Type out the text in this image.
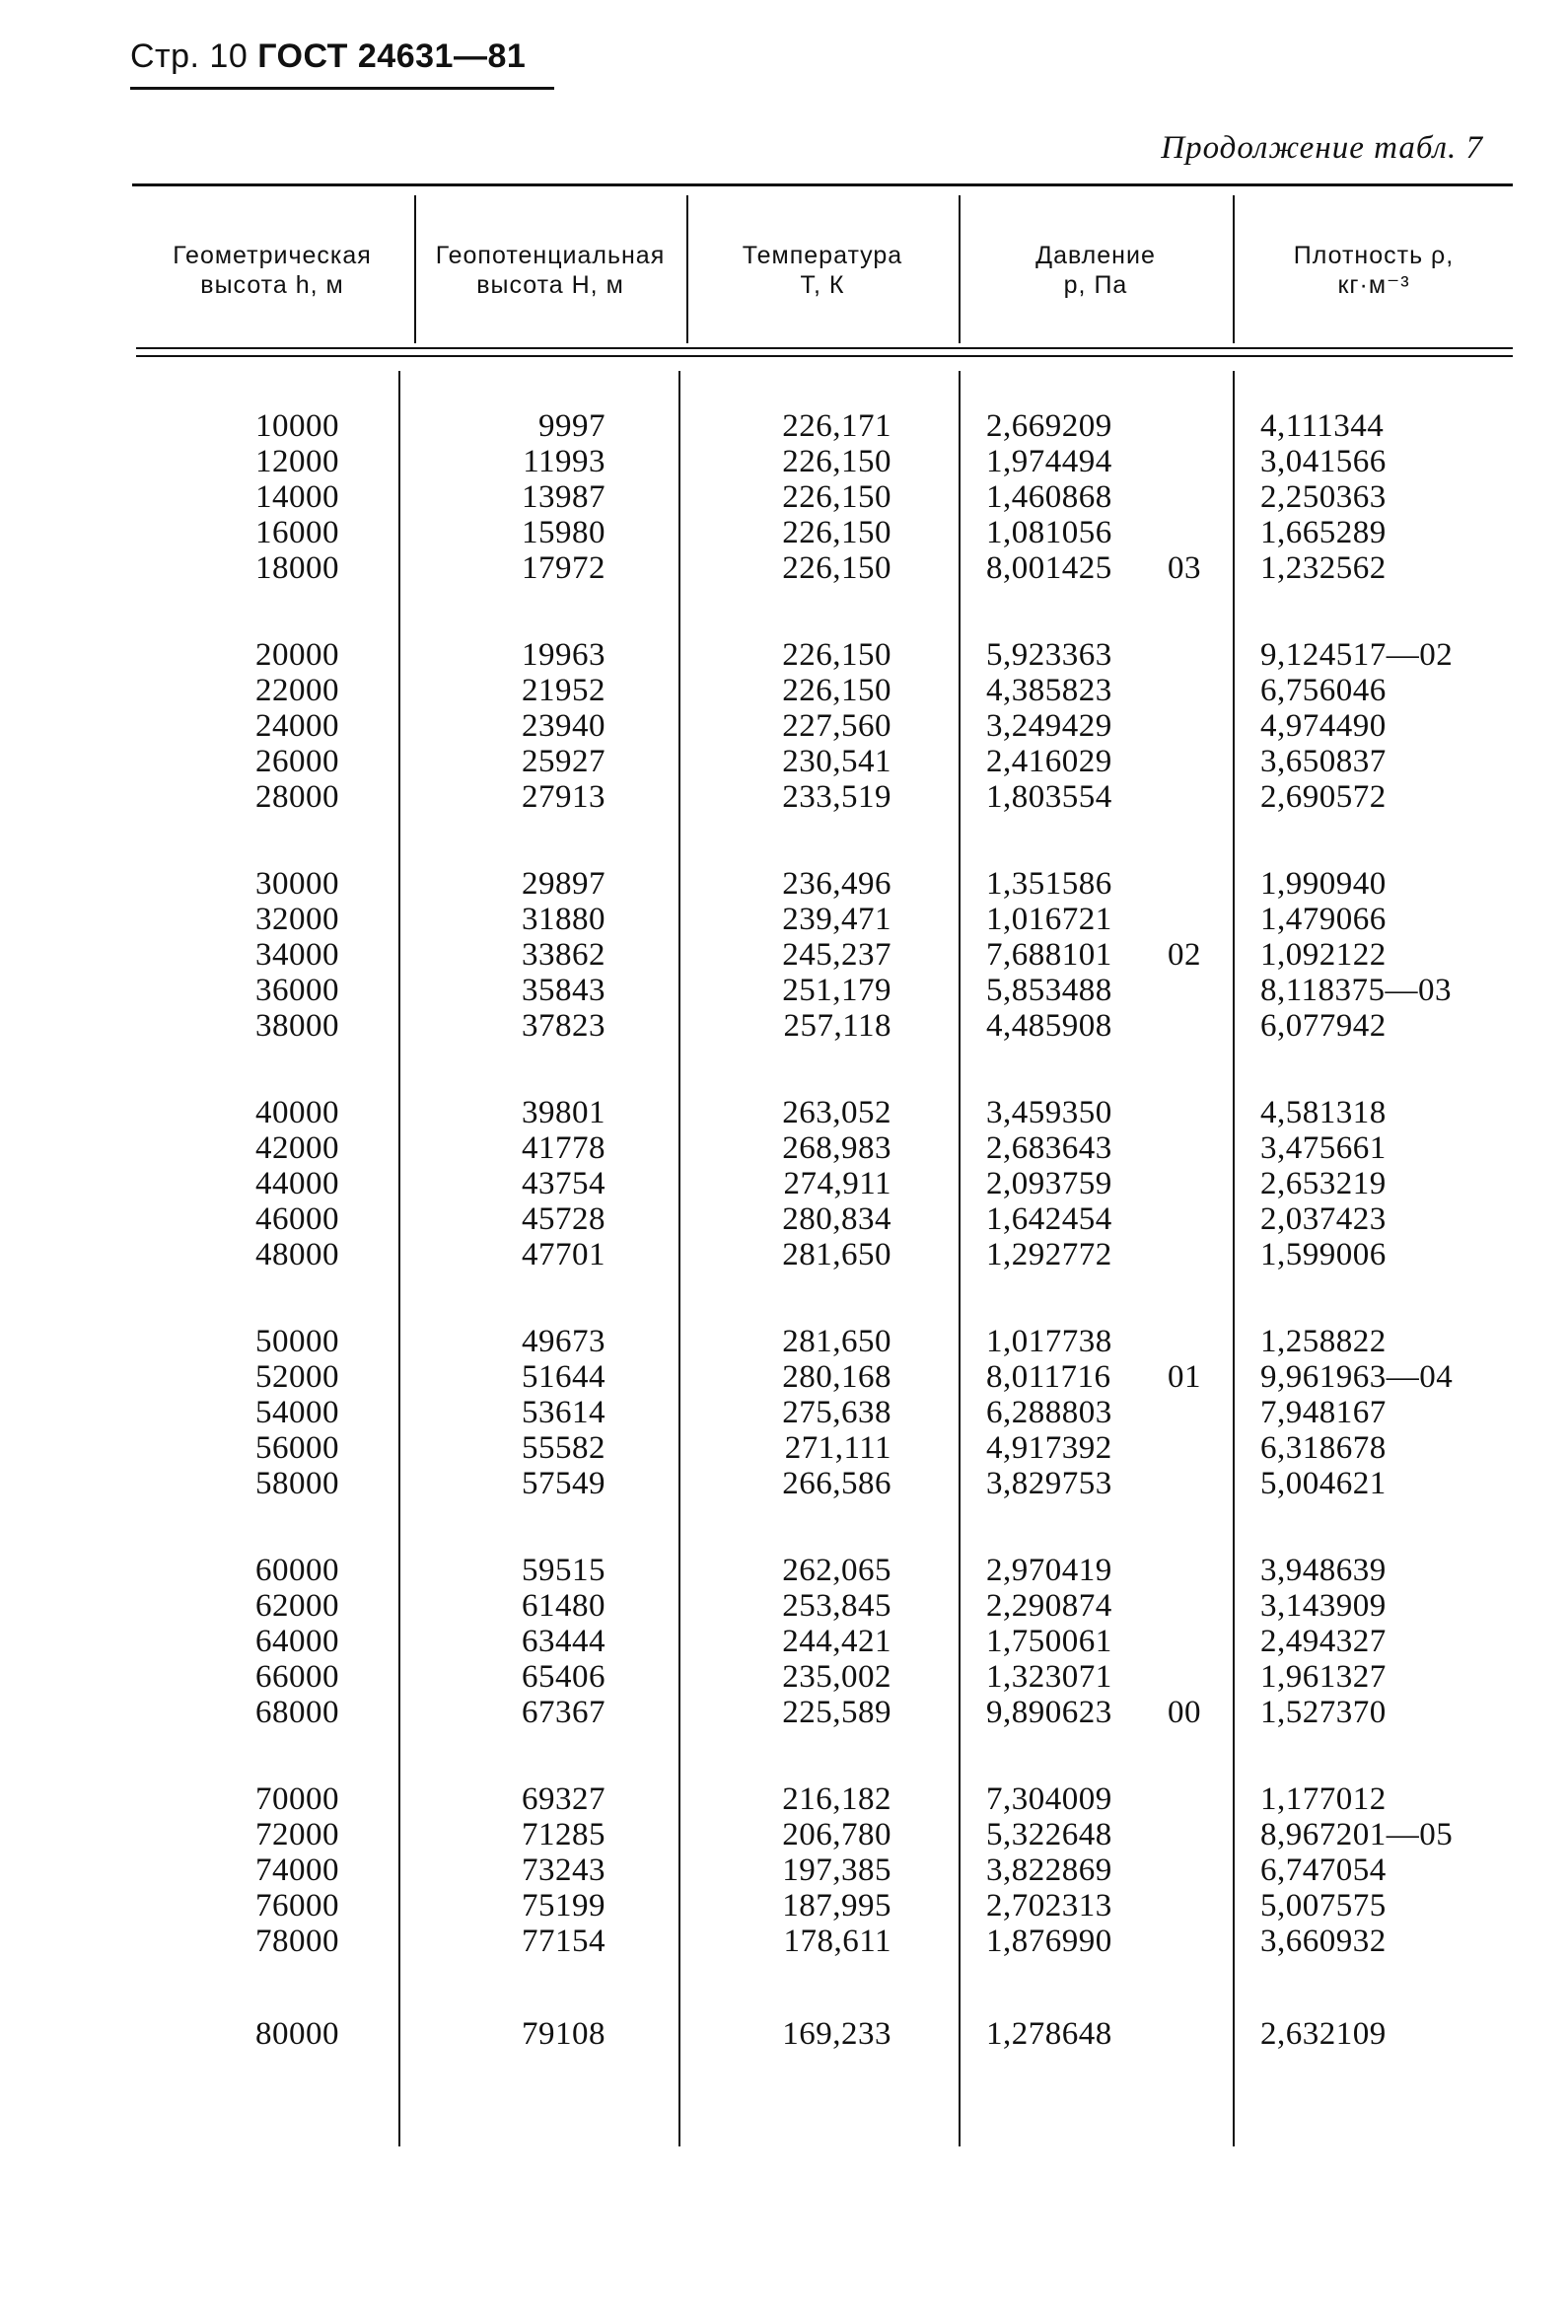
Стр. 10 ГОСТ 24631—81
Продолжение табл. 7
Геометрическая
высота h, м
Геопотенциальная
высота H, м
Температура
T, К
Давление
p, Па
Плотность ρ,
кг·м⁻³
10000	9997	226,171	2,669209	4,111344
12000	11993	226,150	1,974494	3,041566
14000	13987	226,150	1,460868	2,250363
16000	15980	226,150	1,081056	1,665289
18000	17972	226,150	8,001425	03	1,232562
20000	19963	226,150	5,923363	9,124517—02
22000	21952	226,150	4,385823	6,756046
24000	23940	227,560	3,249429	4,974490
26000	25927	230,541	2,416029	3,650837
28000	27913	233,519	1,803554	2,690572
30000	29897	236,496	1,351586	1,990940
32000	31880	239,471	1,016721	1,479066
34000	33862	245,237	7,688101	02	1,092122
36000	35843	251,179	5,853488	8,118375—03
38000	37823	257,118	4,485908	6,077942
40000	39801	263,052	3,459350	4,581318
42000	41778	268,983	2,683643	3,475661
44000	43754	274,911	2,093759	2,653219
46000	45728	280,834	1,642454	2,037423
48000	47701	281,650	1,292772	1,599006
50000	49673	281,650	1,017738	1,258822
52000	51644	280,168	8,011716	01	9,961963—04
54000	53614	275,638	6,288803	7,948167
56000	55582	271,111	4,917392	6,318678
58000	57549	266,586	3,829753	5,004621
60000	59515	262,065	2,970419	3,948639
62000	61480	253,845	2,290874	3,143909
64000	63444	244,421	1,750061	2,494327
66000	65406	235,002	1,323071	1,961327
68000	67367	225,589	9,890623	00	1,527370
70000	69327	216,182	7,304009	1,177012
72000	71285	206,780	5,322648	8,967201—05
74000	73243	197,385	3,822869	6,747054
76000	75199	187,995	2,702313	5,007575
78000	77154	178,611	1,876990	3,660932
80000	79108	169,233	1,278648	2,632109
